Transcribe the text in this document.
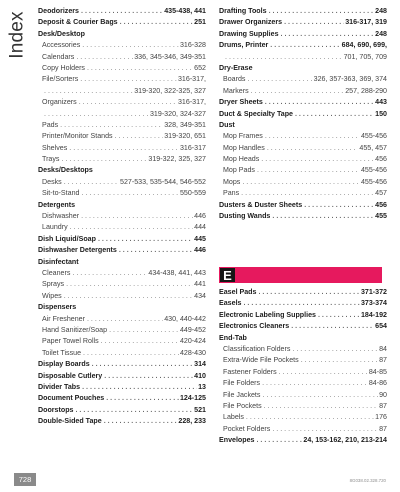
Index
Deodorizers . . .	435-438, 441
Deposit & Courier Bags . . .	251
Desk/Desktop
Accessories . . .	316-328
Calendars . . .	336, 345-346, 349-351
Copy Holders . . .	652
File/Sorters . . .	316-317,
. . .
319-320, 322-325, 327
Organizers . . .	316-317,
. . .
319-320, 324-327
Pads . . .	328, 349-351
Printer/Monitor Stands . . .	319-320, 651
Shelves . . .	316-317
Trays . . .	319-322, 325, 327
Desks/Desktops
Desks . . .	527-533, 535-544, 546-552
Sit-to-Stand . . .	550-559
Detergents
Dishwasher . . .	446
Laundry . . .	444
Dish Liquid/Soap . . .	445
Dishwasher Detergents . . .	446
Disinfectant
Cleaners . . .	434-438, 441, 443
Sprays . . .	441
Wipes . . .	434
Dispensers
Air Freshener . . .	430, 440-442
Hand Sanitizer/Soap . . .	449-452
Paper Towel Rolls . . .	420-424
Toilet Tissue . . .	428-430
Display Boards . . .	314
Disposable Cutlery . . .	410
Divider Tabs . . .	13
Document Pouches . . .	124-125
Doorstops . . .	521
Double-Sided Tape . . .	228, 233
Drafting Tools . . .	248
Drawer Organizers . . .	316-317, 319
Drawing Supplies . . .	248
Drums, Printer . . .	684, 690, 699,
. . .
701, 705, 709
Dry-Erase
Boards . . .	326, 357-363, 369, 374
Markers . . .	257, 288-290
Dryer Sheets . . .	443
Duct & Specialty Tape . . .	150
Dust
Mop Frames . . .	455-456
Mop Handles . . .	455, 457
Mop Heads . . .	456
Mop Pads . . .	455-456
Mops . . .	455-456
Pans . . .	457
Dusters & Duster Sheets . . .	456
Dusting Wands . . .	455
E
Easel Pads . . .	371-372
Easels . . .	373-374
Electronic Labeling Supplies . . .	184-192
Electronics Cleaners . . .	654
End-Tab
Classification Folders . . .	84
Extra-Wide File Pockets . . .	87
Fastener Folders . . .	84-85
File Folders . . .	84-86
File Jackets . . .	90
File Pockets . . .	87
Labels . . .	176
Pocket Folders . . .	87
Envelopes . . .	24, 153-162, 210, 213-214
728	8G038.02.328.720
